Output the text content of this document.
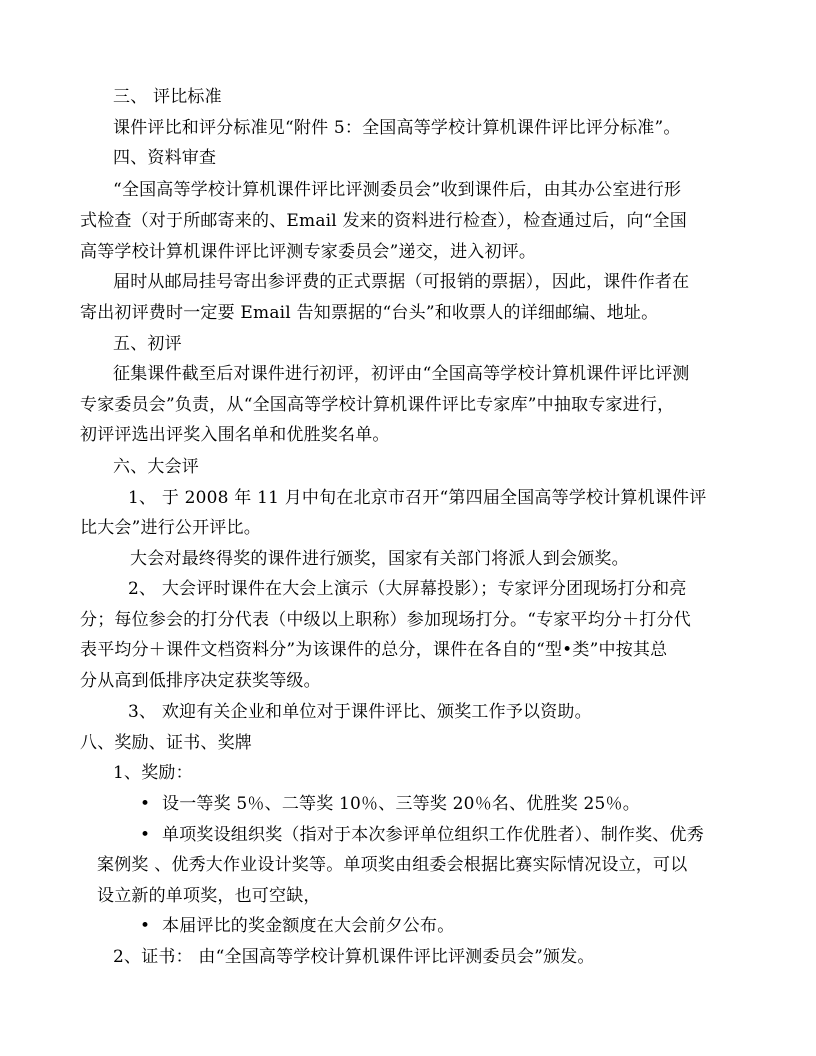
三、 评比标准
课件评比和评分标准见“附件 5：全国高等学校计算机课件评比评分标准”。
四、资料审查
“全国高等学校计算机课件评比评测委员会”收到课件后，由其办公室进行形
式检查（对于所邮寄来的、Email 发来的资料进行检查），检查通过后，向“全国
高等学校计算机课件评比评测专家委员会”递交，进入初评。
届时从邮局挂号寄出参评费的正式票据（可报销的票据），因此，课件作者在
寄出初评费时一定要 Email 告知票据的“台头”和收票人的详细邮编、地址。
五、初评
征集课件截至后对课件进行初评，初评由“全国高等学校计算机课件评比评测
专家委员会”负责，从“全国高等学校计算机课件评比专家库”中抽取专家进行，
初评评选出评奖入围名单和优胜奖名单。
六、大会评
1、 于 2008 年 11 月中旬在北京市召开“第四届全国高等学校计算机课件评
比大会”进行公开评比。
大会对最终得奖的课件进行颁奖，国家有关部门将派人到会颁奖。
2、 大会评时课件在大会上演示（大屏幕投影）；专家评分团现场打分和亮
分；每位参会的打分代表（中级以上职称）参加现场打分。“专家平均分＋打分代
表平均分＋课件文档资料分”为该课件的总分，课件在各自的“型•类”中按其总
分从高到低排序决定获奖等级。
3、 欢迎有关企业和单位对于课件评比、颁奖工作予以资助。
八、奖励、证书、奖牌
1、奖励：
• 设一等奖 5％、二等奖 10％、三等奖 20％名、优胜奖 25％。
• 单项奖设组织奖（指对于本次参评单位组织工作优胜者）、制作奖、优秀
案例奖 、优秀大作业设计奖等。单项奖由组委会根据比赛实际情况设立，可以
设立新的单项奖，也可空缺，
• 本届评比的奖金额度在大会前夕公布。
2、证书： 由“全国高等学校计算机课件评比评测委员会”颁发。
